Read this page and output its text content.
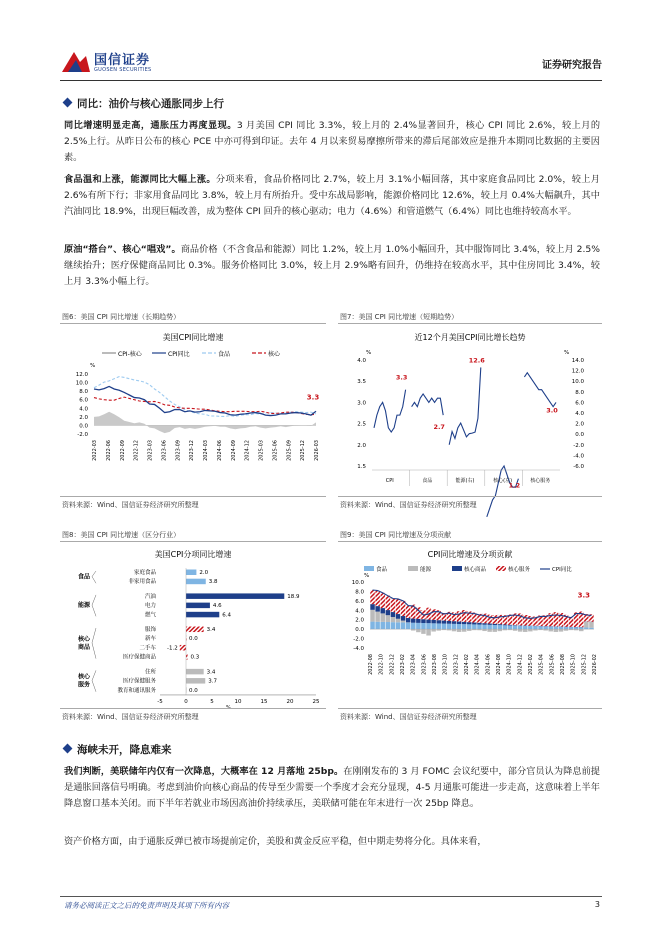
国信证券
GUOSEN SECURITIES	证券研究报告
同比：油价与核心通胀同步上行
同比增速明显走高，通胀压力再度显现。3 月美国 CPI 同比 3.3%，较上月的 2.4%显著回升，核心 CPI 同比 2.6%，较上月的 2.5%上行。从昨日公布的核心 PCE 中亦可得到印证。去年 4 月以来贸易摩擦所带来的滞后尾部效应是推升本期同比数据的主要因素。
食品温和上涨，能源同比大幅上涨。分项来看，食品价格同比 2.7%，较上月 3.1%小幅回落，其中家庭食品同比 2.0%，较上月 2.6%有所下行；非家用食品同比 3.8%，较上月有所抬升。受中东战局影响，能源价格同比 12.6%，较上月 0.4%大幅飙升，其中汽油同比 18.9%，出现巨幅改善，成为整体 CPI 回升的核心驱动；电力（4.6%）和管道燃气（6.4%）同比也维持较高水平。
原油“搭台”、核心“唱戏”。商品价格（不含食品和能源）同比 1.2%，较上月 1.0%小幅回升，其中服饰同比 3.4%，较上月 2.5%继续抬升；医疗保健商品同比 0.3%。服务价格同比 3.0%，较上月 2.9%略有回升，仍维持在较高水平，其中住房同比 3.4%，较上月 3.3%小幅上行。
图6：美国 CPI 同比增速（长期趋势）	图7：美国 CPI 同比增速（短期趋势）
美国CPI同比增速
CPI-核心	CPI同比	食品	核心
%
12.0
10.0
8.0
6.0
4.0
2.0
0.0
-2.0
3.3
2022-03 2022-06 2022-09 2022-12 2023-03 2023-06 2023-09 2023-12 2024-03 2024-06 2024-09 2024-12 2025-03 2025-06 2025-09 2025-12 2026-03
近12个月美国CPI同比增长趋势
%	%
4.0
3.5
3.0
2.5
2.0
1.5
14.0
12.0
10.0
8.0
6.0
4.0
2.0
0.0
-2.0
-4.0
-6.0
CPI
3.3
食品
2.7
能源(右)
12.6
核心(左)
1.2
核心服务
3.0
资料来源：Wind、国信证券经济研究所整理	资料来源：Wind、国信证券经济研究所整理
图8：美国 CPI 同比增速（区分行业）	图9：美国 CPI 同比增速及分项贡献
美国CPI分项同比增速
家庭食品	2.0
非家用食品	3.8
汽油	18.9
电力	4.6
燃气	6.4
服饰	3.4
新车	0.0
二手车 -1.2
医疗保健商品	0.3
住所	3.4
医疗保健服务	3.7
教育和通讯服务	0.0
食品
能源
核心
商品
核心
服务
-5	0	5	10	15	20	25
%
CPI同比增速及分项贡献
食品	能源	核心商品	核心服务	CPI同比
%
10.0
8.0
6.0
4.0
2.0
0.0
-2.0
-4.0
3.3
2022-08 2022-10 2022-12 2023-02 2023-04 2023-06 2023-08 2023-10 2023-12 2024-02 2024-04 2024-06 2024-08 2024-10 2024-12 2025-02 2025-04 2025-06 2025-08 2025-10 2025-12 2026-02
资料来源：Wind、国信证券经济研究所整理	资料来源：Wind、国信证券经济研究所整理
海峡未开，降息难来
我们判断，美联储年内仅有一次降息，大概率在 12 月落地 25bp。在刚刚发布的 3 月 FOMC 会议纪要中，部分官员认为降息前提是通胀回落信号明确。考虑到油价向核心商品的传导至少需要一个季度才会充分显现，4-5 月通胀可能进一步走高，这意味着上半年降息窗口基本关闭。而下半年若就业市场因高油价持续承压，美联储可能在年末进行一次 25bp 降息。
资产价格方面，由于通胀反弹已被市场提前定价，美股和黄金反应平稳，但中期走势将分化。具体来看，
请务必阅读正文之后的免责声明及其项下所有内容	3
